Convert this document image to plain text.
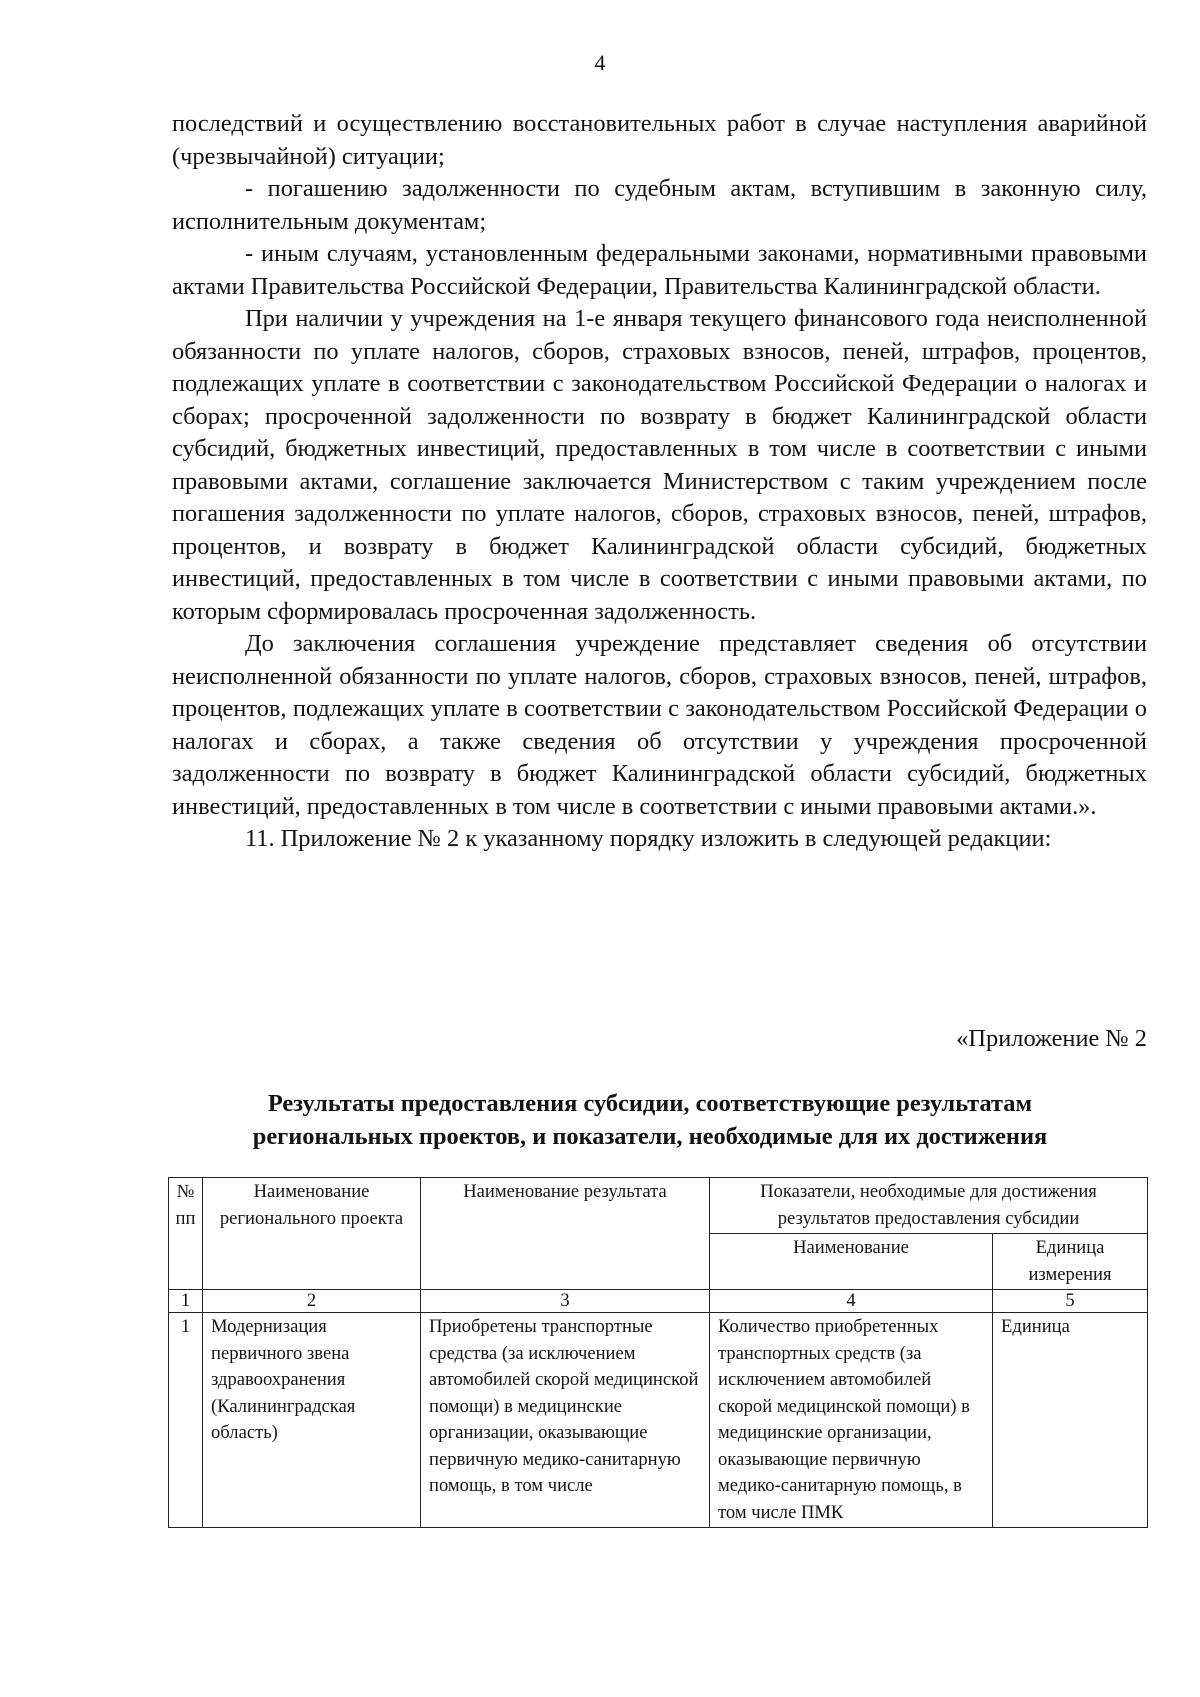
4

последствий и осуществлению восстановительных работ в случае наступления аварийной (чрезвычайной) ситуации;

- погашению задолженности по судебным актам, вступившим в законную силу, исполнительным документам;

- иным случаям, установленным федеральными законами, нормативными правовыми актами Правительства Российской Федерации, Правительства Калининградской области.

При наличии у учреждения на 1-е января текущего финансового года неисполненной обязанности по уплате налогов, сборов, страховых взносов, пеней, штрафов, процентов, подлежащих уплате в соответствии с законодательством Российской Федерации о налогах и сборах; просроченной задолженности по возврату в бюджет Калининградской области субсидий, бюджетных инвестиций, предоставленных в том числе в соответствии с иными правовыми актами, соглашение заключается Министерством с таким учреждением после погашения задолженности по уплате налогов, сборов, страховых взносов, пеней, штрафов, процентов, и возврату в бюджет Калининградской области субсидий, бюджетных инвестиций, предоставленных в том числе в соответствии с иными правовыми актами, по которым сформировалась просроченная задолженность.

До заключения соглашения учреждение представляет сведения об отсутствии неисполненной обязанности по уплате налогов, сборов, страховых взносов, пеней, штрафов, процентов, подлежащих уплате в соответствии с законодательством Российской Федерации о налогах и сборах, а также сведения об отсутствии у учреждения просроченной задолженности по возврату в бюджет Калининградской области субсидий, бюджетных инвестиций, предоставленных в том числе в соответствии с иными правовыми актами.».

11. Приложение № 2 к указанному порядку изложить в следующей редакции:

«Приложение № 2
Результаты предоставления субсидии, соответствующие результатам
региональных проектов, и показатели, необходимые для их достижения
№ пп	Наименование регионального проекта	Наименование результата	Показатели, необходимые для достижения результатов предоставления субсидии	
			Наименование	Единица измерения
1	2	3	4	5
1	Модернизация первичного звена здравоохранения (Калининградская область)	Приобретены транспортные средства (за исключением автомобилей скорой медицинской помощи) в медицинские организации, оказывающие первичную медико-санитарную помощь, в том числе	Количество приобретенных транспортных средств (за исключением автомобилей скорой медицинской помощи) в медицинские организации, оказывающие первичную медико-санитарную помощь, в том числе ПМК	Единица
